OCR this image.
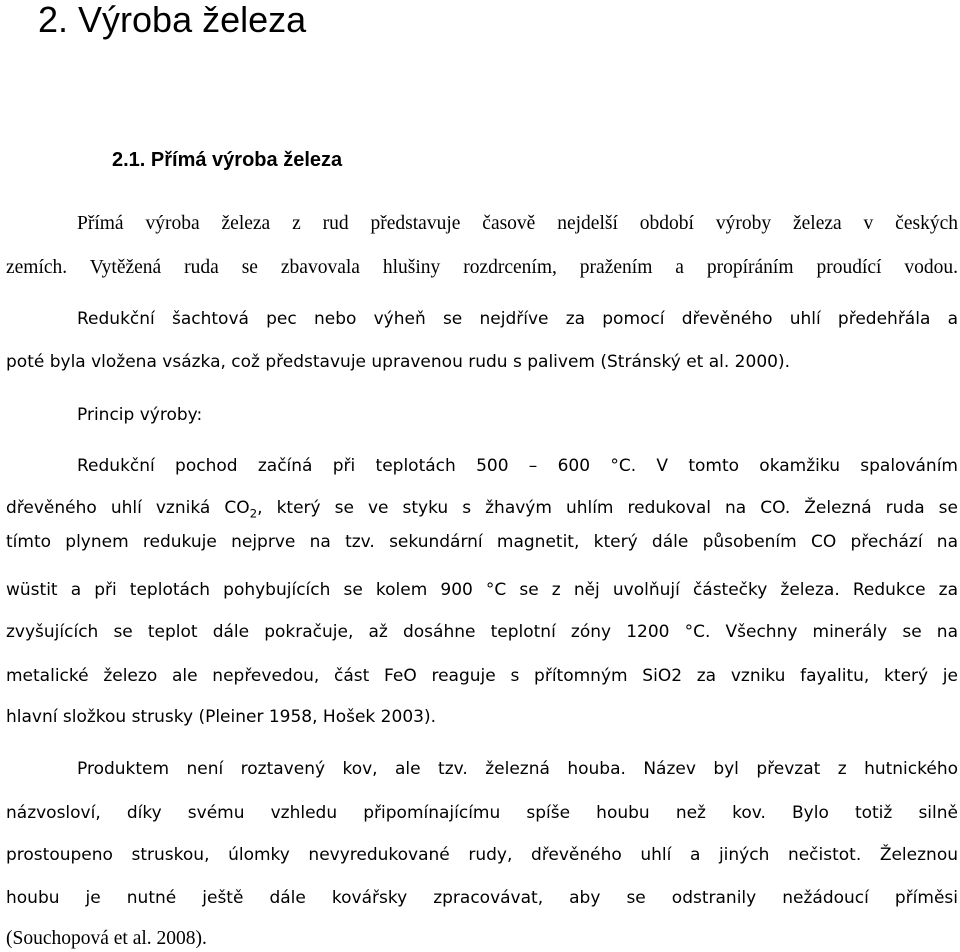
2. Výroba železa
2.1. Přímá výroba železa

Přímá výroba železa z rud představuje časově nejdelší období výroby železa v českých

zemích. Vytěžená ruda se zbavovala hlušiny rozdrcením, pražením a propíráním proudící vodou.

Redukční šachtová pec nebo výheň se nejdříve za pomocí dřevěného uhlí předehřála a

poté byla vložena vsázka, což představuje upravenou rudu s palivem (Stránský et al. 2000).

Princip výroby:

Redukční pochod začíná při teplotách 500 – 600 °C. V tomto okamžiku spalováním

dřevěného uhlí vzniká $CO_2$, který se ve styku s žhavým uhlím redukoval na CO. Železná ruda se

tímto plynem redukuje nejprve na tzv. sekundární magnetit, který dále působením CO přechází na

wüstit a při teplotách pohybujících se kolem 900 °C se z něj uvolňují částečky železa. Redukce za

zvyšujících se teplot dále pokračuje, až dosáhne teplotní zóny 1200 °C. Všechny minerály se na

metalické železo ale nepřevedou, část FeO reaguje s přítomným SiO2 za vzniku fayalitu, který je

hlavní složkou strusky (Pleiner 1958, Hošek 2003).

Produktem není roztavený kov, ale tzv. železná houba. Název byl převzat z hutnického

názvosloví, díky svému vzhledu připomínajícímu spíše houbu než kov. Bylo totiž silně

prostoupeno struskou, úlomky nevyredukované rudy, dřevěného uhlí a jiných nečistot. Železnou

houbu je nutné ještě dále kovářsky zpracovávat, aby se odstranily nežádoucí příměsi

(Souchopová et al. 2008).
